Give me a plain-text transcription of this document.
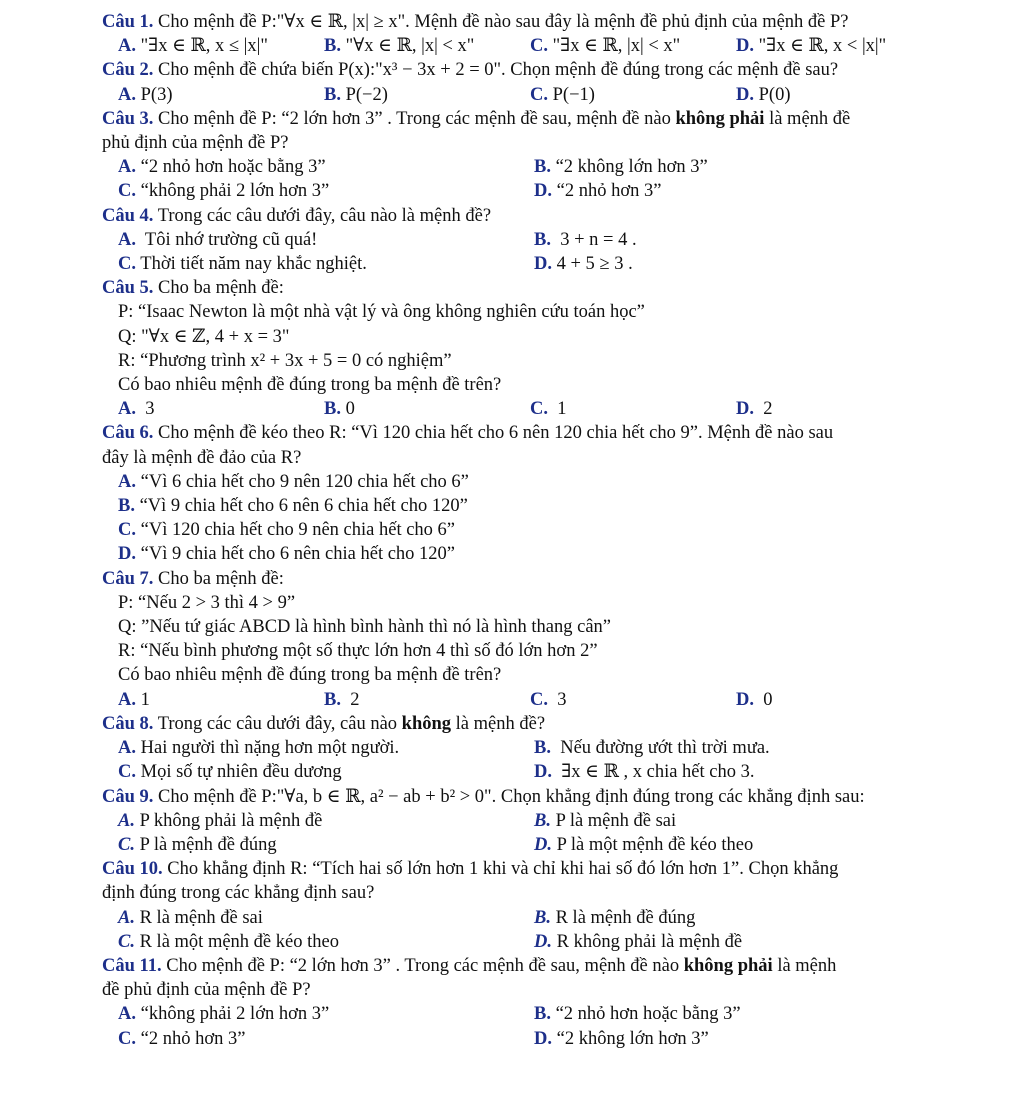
Câu 1. Cho mệnh đề P:"∀x ∈ ℝ, |x| ≥ x". Mệnh đề nào sau đây là mệnh đề phủ định của mệnh đề P?
A. "∃x ∈ ℝ, x ≤ |x|"	B. "∀x ∈ ℝ, |x| < x"	C. "∃x ∈ ℝ, |x| < x"	D. "∃x ∈ ℝ, x < |x|"
Câu 2. Cho mệnh đề chứa biến P(x):"x³ − 3x + 2 = 0". Chọn mệnh đề đúng trong các mệnh đề sau?
A. P(3)	B. P(−2)	C. P(−1)	D. P(0)
Câu 3. Cho mệnh đề P: “2 lớn hơn 3” . Trong các mệnh đề sau, mệnh đề nào không phải là mệnh đề
phủ định của mệnh đề P?
A. “2 nhỏ hơn hoặc bằng 3”	B. “2 không lớn hơn 3”
C. “không phải 2 lớn hơn 3”	D. “2 nhỏ hơn 3”
Câu 4. Trong các câu dưới đây, câu nào là mệnh đề?
A. Tôi nhớ trường cũ quá!	B. 3 + n = 4 .
C. Thời tiết năm nay khắc nghiệt.	D. 4 + 5 ≥ 3 .
Câu 5. Cho ba mệnh đề:
P: “Isaac Newton là một nhà vật lý và ông không nghiên cứu toán học”
Q: "∀x ∈ ℤ, 4 + x = 3"
R: “Phương trình x² + 3x + 5 = 0 có nghiệm”
Có bao nhiêu mệnh đề đúng trong ba mệnh đề trên?
A. 3	B. 0	C. 1	D. 2
Câu 6. Cho mệnh đề kéo theo R: “Vì 120 chia hết cho 6 nên 120 chia hết cho 9”. Mệnh đề nào sau
đây là mệnh đề đảo của R?
A. “Vì 6 chia hết cho 9 nên 120 chia hết cho 6”
B. “Vì 9 chia hết cho 6 nên 6 chia hết cho 120”
C. “Vì 120 chia hết cho 9 nên chia hết cho 6”
D. “Vì 9 chia hết cho 6 nên chia hết cho 120”
Câu 7. Cho ba mệnh đề:
P: “Nếu 2 > 3 thì 4 > 9”
Q: ”Nếu tứ giác ABCD là hình bình hành thì nó là hình thang cân”
R: “Nếu bình phương một số thực lớn hơn 4 thì số đó lớn hơn 2”
Có bao nhiêu mệnh đề đúng trong ba mệnh đề trên?
A. 1	B. 2	C. 3	D. 0
Câu 8. Trong các câu dưới đây, câu nào không là mệnh đề?
A. Hai người thì nặng hơn một người.	B. Nếu đường ướt thì trời mưa.
C. Mọi số tự nhiên đều dương	D. ∃x ∈ ℝ , x chia hết cho 3.
Câu 9. Cho mệnh đề P:"∀a, b ∈ ℝ, a² − ab + b² > 0". Chọn khẳng định đúng trong các khẳng định sau:
A. P không phải là mệnh đề	B. P là mệnh đề sai
C. P là mệnh đề đúng	D. P là một mệnh đề kéo theo
Câu 10. Cho khẳng định R: “Tích hai số lớn hơn 1 khi và chỉ khi hai số đó lớn hơn 1”. Chọn khẳng
định đúng trong các khẳng định sau?
A. R là mệnh đề sai	B. R là mệnh đề đúng
C. R là một mệnh đề kéo theo	D. R không phải là mệnh đề
Câu 11. Cho mệnh đề P: “2 lớn hơn 3” . Trong các mệnh đề sau, mệnh đề nào không phải là mệnh
đề phủ định của mệnh đề P?
A. “không phải 2 lớn hơn 3”	B. “2 nhỏ hơn hoặc bằng 3”
C. “2 nhỏ hơn 3”	D. “2 không lớn hơn 3”
